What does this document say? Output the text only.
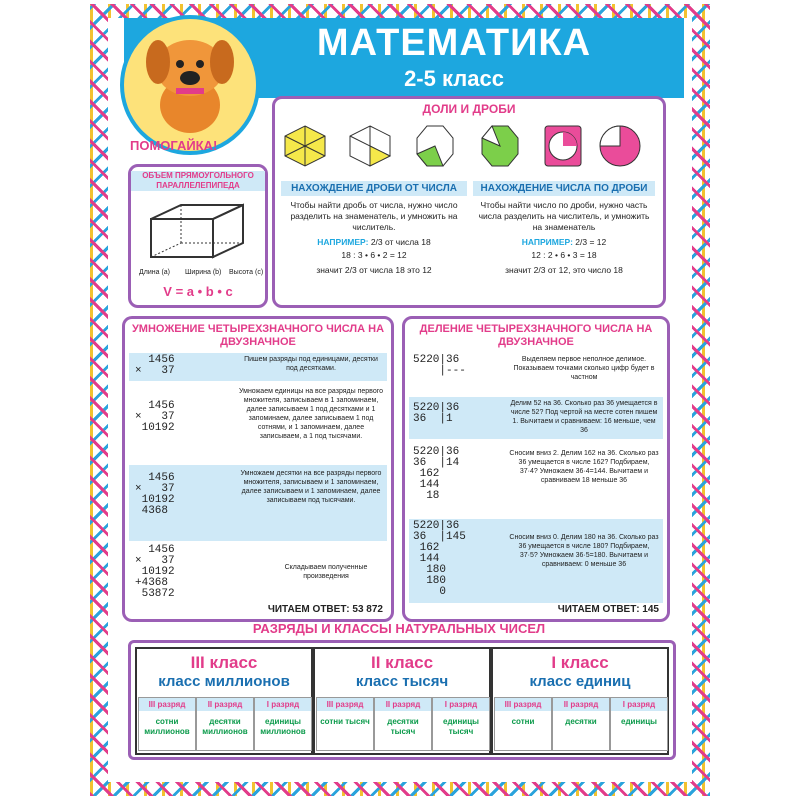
МАТЕМАТИКА
2-5 класс
ПОМОГАЙКА!
ДОЛИ И ДРОБИ
НАХОЖДЕНИЕ ДРОБИ ОТ ЧИСЛА
Чтобы найти дробь от числа, нужно число разделить на знаменатель, и умножить на числитель.
НАПРИМЕР: 2/3 от числа 18
18 : 3 • 6 • 2 = 12
значит 2/3 от числа 18 это 12
НАХОЖДЕНИЕ ЧИСЛА ПО ДРОБИ
Чтобы найти число по дроби, нужно часть числа разделить на числитель, и умножить на знаменатель
НАПРИМЕР: 2/3 = 12
12 : 2 • 6 • 3 = 18
значит 2/3 от 12, это число 18
ОБЪЕМ ПРЯМОУГОЛЬНОГО ПАРАЛЛЕЛЕПИПЕДА
Длина (a) Ширина (b) Высота (c)
V = a • b • c
УМНОЖЕНИЕ ЧЕТЫРЕХЗНАЧНОГО ЧИСЛА НА ДВУЗНАЧНОЕ
1456
×   37
Пишем разряды под единицами, десятки под десятками.
1456
×   37
10192
Умножаем единицы на все разряды первого множителя, записываем в 1 запоминаем, далее записываем 1 под десятками и 1 запоминаем, далее записываем 1 под сотнями, и 1 запоминаем, далее записываем, а 1 под тысячами.
1456
×   37
10192
4368
Умножаем десятки на все разряды первого множителя, записываем и 1 запоминаем, далее записываем и 1 запоминаем, далее записываем под тысячами.
1456
×   37
10192
+4368
53872
Складываем полученные произведения
ЧИТАЕМ ОТВЕТ: 53 872
ДЕЛЕНИЕ ЧЕТЫРЕХЗНАЧНОГО ЧИСЛА НА ДВУЗНАЧНОЕ
5220|36
|---
Выделяем первое неполное делимое. Показываем точками сколько цифр будет в частном
5220|36
36  |1
Делим 52 на 36. Сколько раз 36 умещается в числе 52? Под чертой на месте сотен пишем 1. Вычитаем и сравниваем: 16 меньше, чем 36
5220|36
36  |14
162
144
18
Сносим вниз 2. Делим 162 на 36. Сколько раз 36 умещается в числе 162? Подбираем, 37·4? Умножаем 36·4=144. Вычитаем и сравниваем 18 меньше 36
5220|36
36  |145
162
144
180
180
0
Сносим вниз 0. Делим 180 на 36. Сколько раз 36 умещается в числе 180? Подбираем, 37·5? Умножаем 36·5=180. Вычитаем и сравниваем: 0 меньше 36
ЧИТАЕМ ОТВЕТ: 145
РАЗРЯДЫ И КЛАССЫ НАТУРАЛЬНЫХ ЧИСЕЛ
III класс
класс миллионов
III разряд
сотни миллионов
II разряд
десятки миллионов
I разряд
единицы миллионов
II класс
класс тысяч
III разряд
сотни тысяч
II разряд
десятки тысяч
I разряд
единицы тысяч
I класс
класс единиц
III разряд
сотни
II разряд
десятки
I разряд
единицы
